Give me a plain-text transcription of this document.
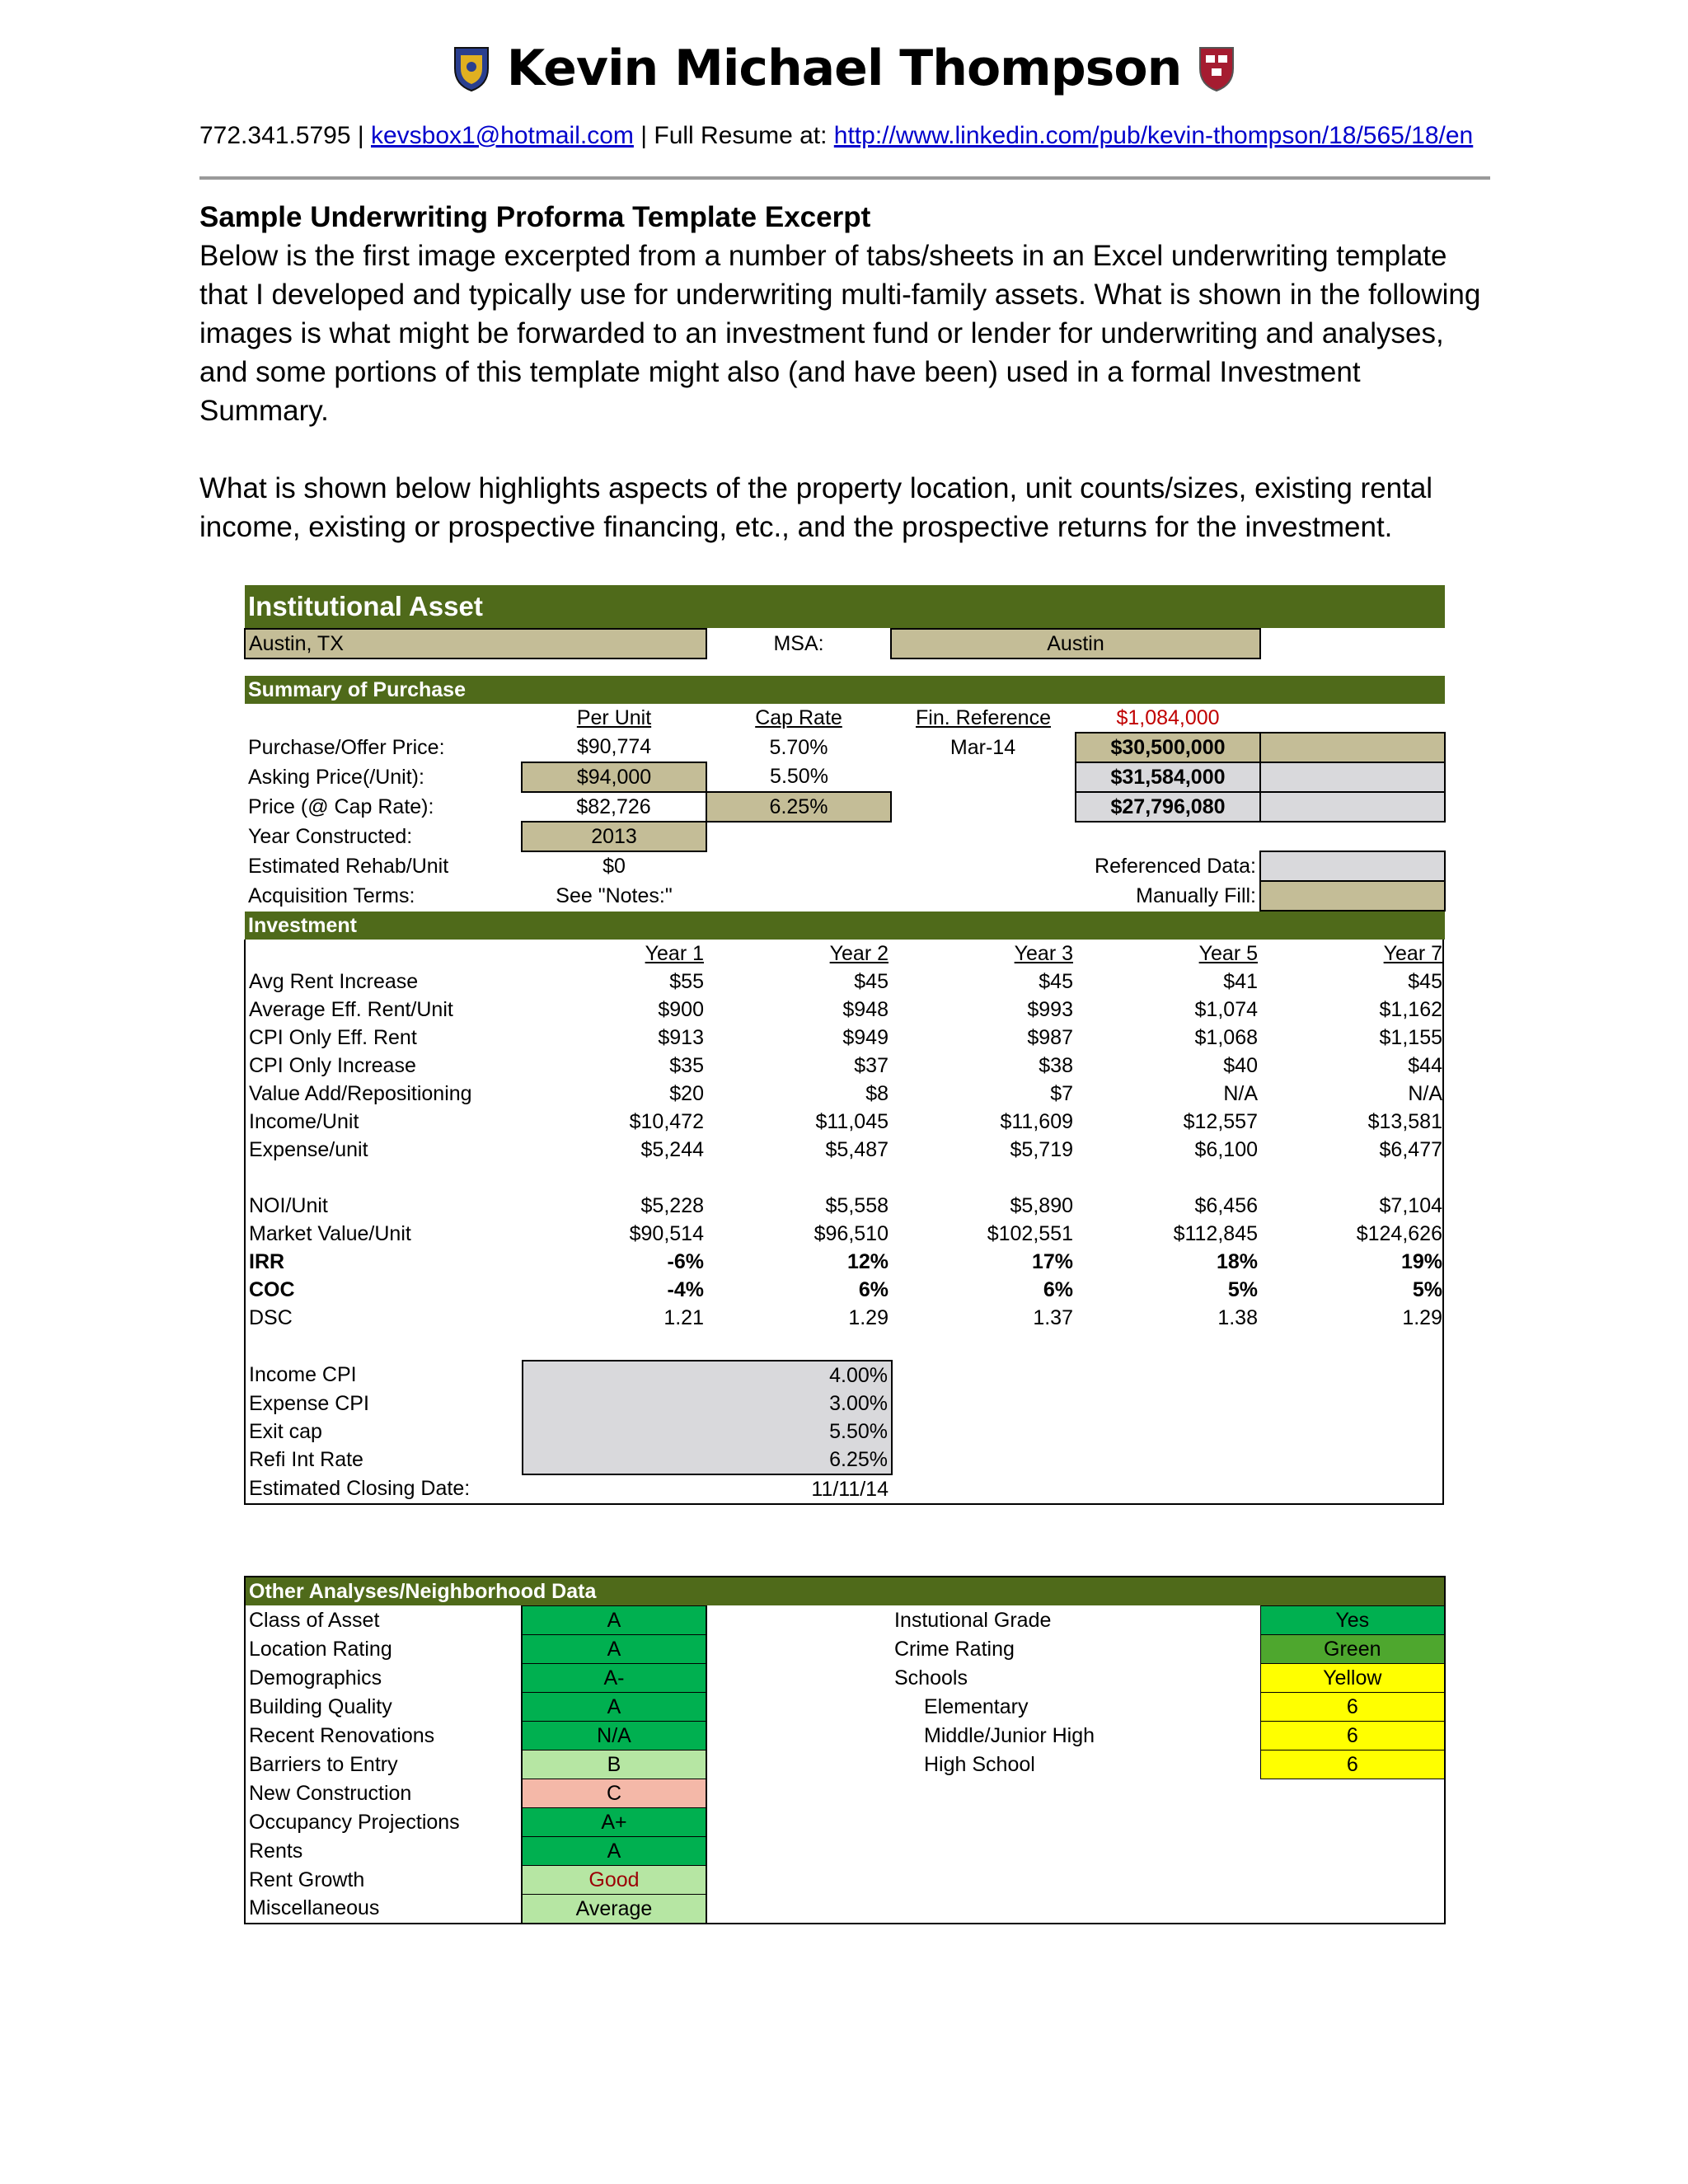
Kevin Michael Thompson
772.341.5795 | kevsbox1@hotmail.com | Full Resume at: http://www.linkedin.com/pub/kevin-thompson/18/565/18/en
Sample Underwriting Proforma Template Excerpt

Below is the first image excerpted from a number of tabs/sheets in an Excel underwriting template that I developed and typically use for underwriting multi-family assets. What is shown in the following images is what might be forwarded to an investment fund or lender for underwriting and analyses, and some portions of this template might also (and have been) used in a formal Investment Summary.

What is shown below highlights aspects of the property location, unit counts/sizes, existing rental income, existing or prospective financing, etc., and the prospective returns for the investment.

Institutional Asset					
Austin, TX		MSA:	Austin		

Summary of Purchase					
	Per Unit	Cap Rate	Fin. Reference	$1,084,000	
Purchase/Offer Price:	$90,774	5.70%	Mar-14	$30,500,000	
Asking Price(/Unit):	$94,000	5.50%		$31,584,000	
Price (@ Cap Rate):	$82,726	6.25%		$27,796,080	
Year Constructed:	2013				
Estimated Rehab/Unit	$0			Referenced Data:	
Acquisition Terms:	See "Notes:"			Manually Fill:	
Investment					
	Year 1	Year 2	Year 3	Year 5	Year 7
Avg Rent Increase	$55	$45	$45	$41	$45
Average Eff. Rent/Unit	$900	$948	$993	$1,074	$1,162
CPI Only Eff. Rent	$913	$949	$987	$1,068	$1,155
CPI Only Increase	$35	$37	$38	$40	$44
Value Add/Repositioning	$20	$8	$7	N/A	N/A
Income/Unit	$10,472	$11,045	$11,609	$12,557	$13,581
Expense/unit	$5,244	$5,487	$5,719	$6,100	$6,477

NOI/Unit	$5,228	$5,558	$5,890	$6,456	$7,104
Market Value/Unit	$90,514	$96,510	$102,551	$112,845	$124,626
IRR	-6%	12%	17%	18%	19%
COC	-4%	6%	6%	5%	5%
DSC	1.21	1.29	1.37	1.38	1.29

Income CPI		4.00%			
Expense CPI		3.00%			
Exit cap		5.50%			
Refi Int Rate		6.25%			
Estimated Closing Date:		11/11/14			
Other Analyses/Neighborhood Data				
Class of Asset	A		Instutional Grade	Yes
Location Rating	A		Crime Rating	Green
Demographics	A-		Schools	Yellow
Building Quality	A		Elementary	6
Recent Renovations	N/A		Middle/Junior High	6
Barriers to Entry	B		High School	6
New Construction	C			
Occupancy Projections	A+			
Rents	A			
Rent Growth	Good			
Miscellaneous	Average			
